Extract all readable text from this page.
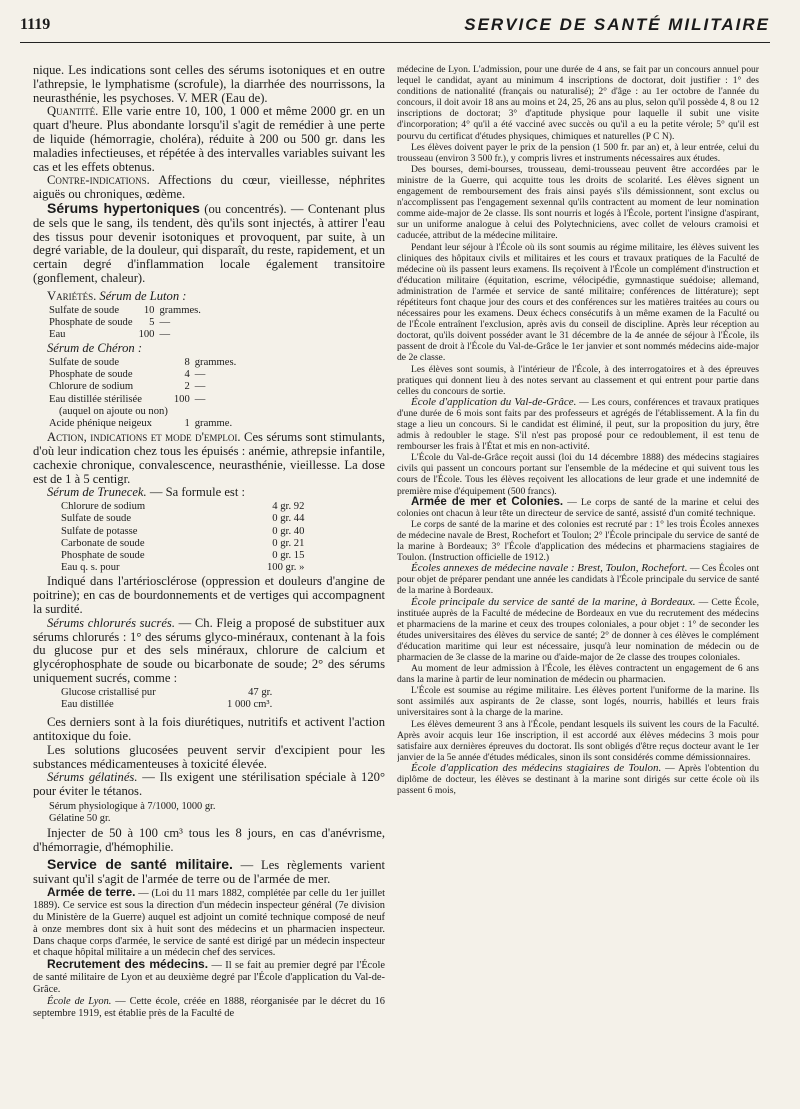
1119	SERVICE DE SANTÉ MILITAIRE

nique. Les indications sont celles des sérums isotoniques et en outre l'athrepsie, le lymphatisme (scrofule), la diarrhée des nourrissons, la neurasthénie, les psychoses. V. MER (Eau de).

Quantité. Elle varie entre 10, 100, 1 000 et même 2000 gr. en un quart d'heure. Plus abondante lorsqu'il s'agit de remédier à une perte de liquide (hémorragie, choléra), réduite à 200 ou 500 gr. dans les maladies infectieuses, et répétée à des intervalles variables suivant les cas et les effets obtenus.

Contre-indications. Affections du cœur, vieillesse, néphrites aiguës ou chroniques, œdème.

Sérums hypertoniques (ou concentrés). — Contenant plus de sels que le sang, ils tendent, dès qu'ils sont injectés, à attirer l'eau des tissus pour devenir isotoniques et provoquent, par suite, à un degré variable, de la douleur, qui disparaît, du reste, rapidement, et un certain degré d'inflammation locale également transitoire (gonflement, chaleur).

Variétés. Sérum de Luton :

Sulfate de soude	10	grammes.
Phosphate de soude	5	—
Eau	100	—

Sérum de Chéron :

Sulfate de soude	8	grammes.
Phosphate de soude	4	—
Chlorure de sodium	2	—
Eau distillée stérilisée	100	—
(auquel on ajoute ou non)		
Acide phénique neigeux	1	gramme.

Action, indications et mode d'emploi. Ces sérums sont stimulants, d'où leur indication chez tous les épuisés : anémie, athrepsie infantile, cachexie chronique, convalescence, neurasthénie, vieillesse. La dose est de 1 à 5 centigr.

Sérum de Trunecek. — Sa formule est :

Chlorure de sodium	4 gr. 92
Sulfate de soude	0 gr. 44
Sulfate de potasse	0 gr. 40
Carbonate de soude	0 gr. 21
Phosphate de soude	0 gr. 15
Eau q. s. pour	100 gr. »

Indiqué dans l'artériosclérose (oppression et douleurs d'angine de poitrine); en cas de bourdonnements et de vertiges qui accompagnent la surdité.

Sérums chlorurés sucrés. — Ch. Fleig a proposé de substituer aux sérums chlorurés : 1° des sérums glyco-minéraux, contenant à la fois du glucose pur et des sels minéraux, chlorure de calcium et glycérophosphate de soude ou bicarbonate de soude; 2° des sérums uniquement sucrés, comme :

Glucose cristallisé pur	47 gr.
Eau distillée	1 000 cm³.

Ces derniers sont à la fois diurétiques, nutritifs et activent l'action antitoxique du foie.

Les solutions glucosées peuvent servir d'excipient pour les substances médicamenteuses à toxicité élevée.

Sérums gélatinés. — Ils exigent une stérilisation spéciale à 120° pour éviter le tétanos.

Sérum physiologique à 7/1000, 1000 gr.
Gélatine 50 gr.

Injecter de 50 à 100 cm³ tous les 8 jours, en cas d'anévrisme, d'hémorragie, d'hémophilie.

Service de santé militaire. — Les règlements varient suivant qu'il s'agit de l'armée de terre ou de l'armée de mer.

Armée de terre. — (Loi du 11 mars 1882, complétée par celle du 1er juillet 1889). Ce service est sous la direction d'un médecin inspecteur général (7e division du Ministère de la Guerre) auquel est adjoint un comité technique composé de neuf à onze membres dont six à huit sont des médecins et un pharmacien inspecteur. Dans chaque corps d'armée, le service de santé est dirigé par un médecin inspecteur et chaque hôpital militaire a un médecin chef des services.

Recrutement des médecins. — Il se fait au premier degré par l'École de santé militaire de Lyon et au deuxième degré par l'École d'application du Val-de-Grâce.

École de Lyon. — Cette école, créée en 1888, réorganisée par le décret du 16 septembre 1919, est établie près de la Faculté de

médecine de Lyon. L'admission, pour une durée de 4 ans, se fait par un concours annuel pour lequel le candidat, ayant au minimum 4 inscriptions de doctorat, doit justifier : 1° des conditions de nationalité (français ou naturalisé); 2° d'âge : au 1er octobre de l'année du concours, il doit avoir 18 ans au moins et 24, 25, 26 ans au plus, selon qu'il possède 4, 8 ou 12 inscriptions de doctorat; 3° d'aptitude physique pour laquelle il subit une visite d'incorporation; 4° qu'il a été vacciné avec succès ou qu'il a eu la petite vérole; 5° qu'il est pourvu du certificat d'études physiques, chimiques et naturelles (P C N).

Les élèves doivent payer le prix de la pension (1 500 fr. par an) et, à leur entrée, celui du trousseau (environ 3 500 fr.), y compris livres et instruments nécessaires aux études.

Des bourses, demi-bourses, trousseau, demi-trousseau peuvent être accordées par le ministre de la Guerre, qui acquitte tous les droits de scolarité. Les élèves signent un engagement de remboursement des frais ainsi payés s'ils démissionnent, sont exclus ou n'accomplissent pas l'engagement sexennal qu'ils contractent au moment de leur nomination comme aide-major de 2e classe. Ils sont nourris et logés à l'École, portent l'insigne d'aspirant, sur un uniforme analogue à celui des Polytechniciens, avec collet de velours cramoisi et caducée, attribut de la médecine militaire.

Pendant leur séjour à l'École où ils sont soumis au régime militaire, les élèves suivent les cliniques des hôpitaux civils et militaires et les cours et travaux pratiques de la Faculté de médecine où ils passent leurs examens. Ils reçoivent à l'École un complément d'instruction et d'éducation militaire (équitation, escrime, vélocipédie, gymnastique suédoise; allemand, administration de l'armée et service de santé militaire; conférences de littérature); sept répétiteurs font chaque jour des cours et des conférences sur les matières traitées au cours ou nécessaires pour les examens. Deux échecs consécutifs à un même examen de la Faculté ou de l'École entraînent l'exclusion, après avis du conseil de discipline. Après leur réception au doctorat, qu'ils doivent posséder avant le 31 décembre de la 4e année de séjour à l'École, ils passent de droit à l'École du Val-de-Grâce le 1er janvier et sont nommés médecins aide-major de 2e classe.

Les élèves sont soumis, à l'intérieur de l'École, à des interrogatoires et à des épreuves pratiques qui donnent lieu à des notes servant au classement et qui entrent pour partie dans celles du concours de sortie.

École d'application du Val-de-Grâce. — Les cours, conférences et travaux pratiques d'une durée de 6 mois sont faits par des professeurs et agrégés de l'établissement. A la fin du stage a lieu un concours. Si le candidat est éliminé, il peut, sur la proposition du jury, être admis à redoubler le stage. S'il n'est pas proposé pour ce redoublement, il est tenu de rembourser les frais à l'État et mis en non-activité.

L'École du Val-de-Grâce reçoit aussi (loi du 14 décembre 1888) des médecins stagiaires civils qui passent un concours portant sur l'ensemble de la médecine et qui suivent tous les cours de l'École. Tous les élèves reçoivent les allocations de leur grade et une indemnité de première mise d'équipement (500 francs).

Armée de mer et Colonies. — Le corps de santé de la marine et celui des colonies ont chacun à leur tête un directeur de service de santé, assisté d'un comité technique.

Le corps de santé de la marine et des colonies est recruté par : 1° les trois Écoles annexes de médecine navale de Brest, Rochefort et Toulon; 2° l'École principale du service de santé de la marine à Bordeaux; 3° l'École d'application des médecins et pharmaciens stagiaires de Toulon. (Instruction officielle de 1912.)

Écoles annexes de médecine navale : Brest, Toulon, Rochefort. — Ces Écoles ont pour objet de préparer pendant une année les candidats à l'École principale du service de santé de la marine à Bordeaux.

École principale du service de santé de la marine, à Bordeaux. — Cette École, instituée auprès de la Faculté de médecine de Bordeaux en vue du recrutement des médecins et pharmaciens de la marine et ceux des troupes coloniales, a pour objet : 1° de seconder les études universitaires des élèves du service de santé; 2° de donner à ces élèves le complément d'éducation maritime qui leur est nécessaire, jusqu'à leur nomination de médecin ou de pharmacien de 3e classe de la marine ou d'aide-major de 2e classe des troupes coloniales.

Au moment de leur admission à l'École, les élèves contractent un engagement de 6 ans dans la marine à partir de leur nomination de médecin ou pharmacien.

L'École est soumise au régime militaire. Les élèves portent l'uniforme de la marine. Ils sont assimilés aux aspirants de 2e classe, sont logés, nourris, habillés et leurs frais universitaires sont à la charge de la marine.

Les élèves demeurent 3 ans à l'École, pendant lesquels ils suivent les cours de la Faculté. Après avoir acquis leur 16e inscription, il est accordé aux élèves médecins 3 mois pour satisfaire aux dernières épreuves du doctorat. Ils sont obligés d'être reçus docteur avant le 1er janvier de la 5e année d'études médicales, sinon ils sont considérés comme démissionnaires.

École d'application des médecins stagiaires de Toulon. — Après l'obtention du diplôme de docteur, les élèves se destinant à la marine sont dirigés sur cette école où ils passent 6 mois,
